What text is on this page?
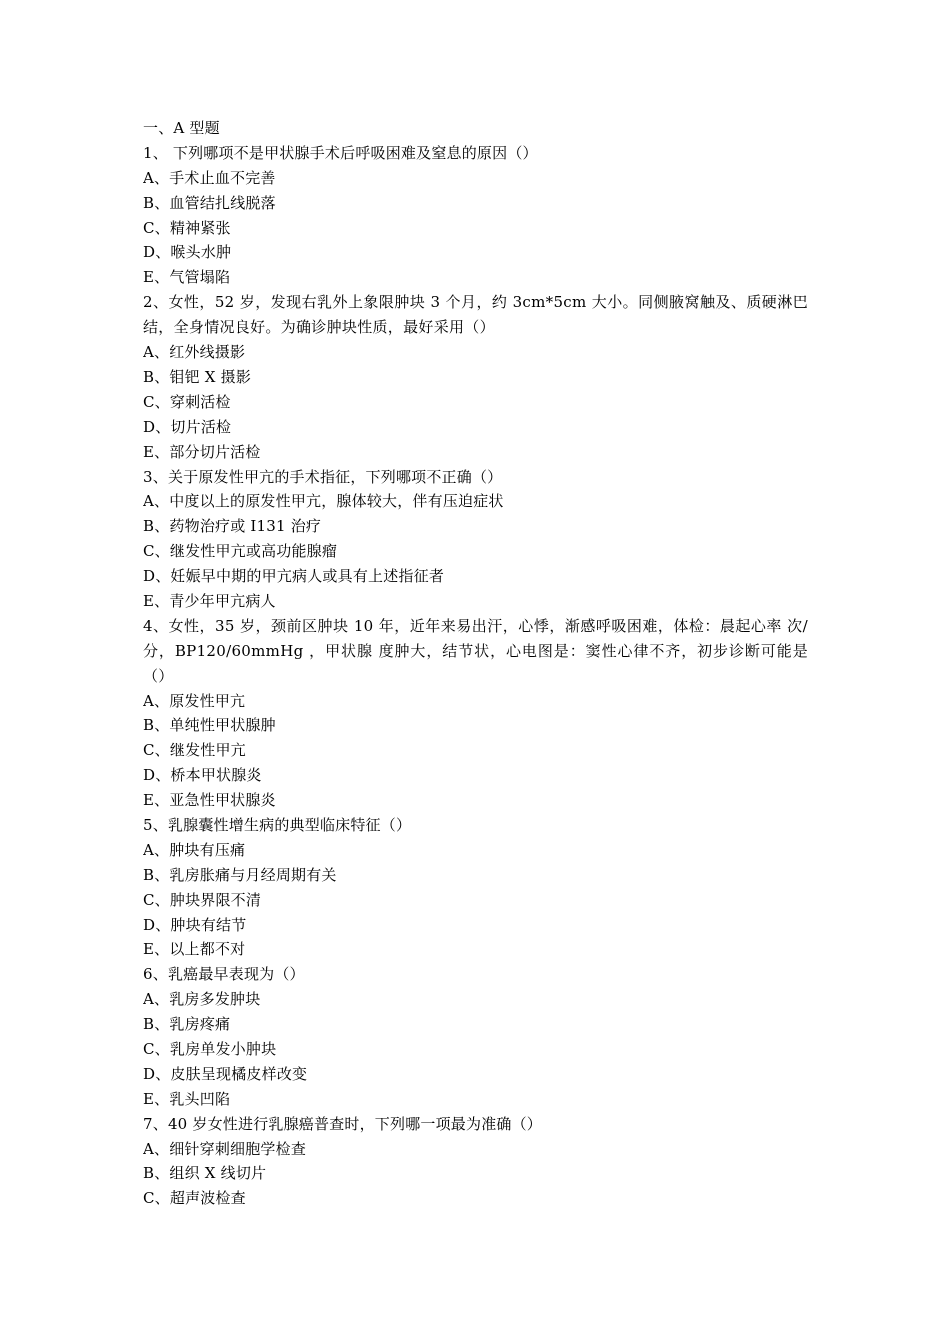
一、A 型题
1、 下列哪项不是甲状腺手术后呼吸困难及窒息的原因（）
A、手术止血不完善
B、血管结扎线脱落
C、精神紧张
D、喉头水肿
E、气管塌陷
2、女性，52 岁，发现右乳外上象限肿块 3 个月，约 3cm*5cm 大小。同侧腋窝触及、质硬淋巴结，全身情况良好。为确诊肿块性质，最好采用（）
A、红外线摄影
B、钼钯 X 摄影
C、穿刺活检
D、切片活检
E、部分切片活检
3、关于原发性甲亢的手术指征，下列哪项不正确（）
A、中度以上的原发性甲亢，腺体较大，伴有压迫症状
B、药物治疗或 I131 治疗
C、继发性甲亢或高功能腺瘤
D、妊娠早中期的甲亢病人或具有上述指征者
E、青少年甲亢病人
4、女性，35 岁，颈前区肿块 10 年，近年来易出汗，心悸，渐感呼吸困难，体检：晨起心率 次/分，BP120/60mmHg ，甲状腺 度肿大，结节状，心电图是：窦性心律不齐，初步诊断可能是（）
A、原发性甲亢
B、单纯性甲状腺肿
C、继发性甲亢
D、桥本甲状腺炎
E、亚急性甲状腺炎
5、乳腺囊性增生病的典型临床特征（）
A、肿块有压痛
B、乳房胀痛与月经周期有关
C、肿块界限不清
D、肿块有结节
E、以上都不对
6、乳癌最早表现为（）
A、乳房多发肿块
B、乳房疼痛
C、乳房单发小肿块
D、皮肤呈现橘皮样改变
E、乳头凹陷
7、40 岁女性进行乳腺癌普查时，下列哪一项最为准确（）
A、细针穿刺细胞学检查
B、组织 X 线切片
C、超声波检查
